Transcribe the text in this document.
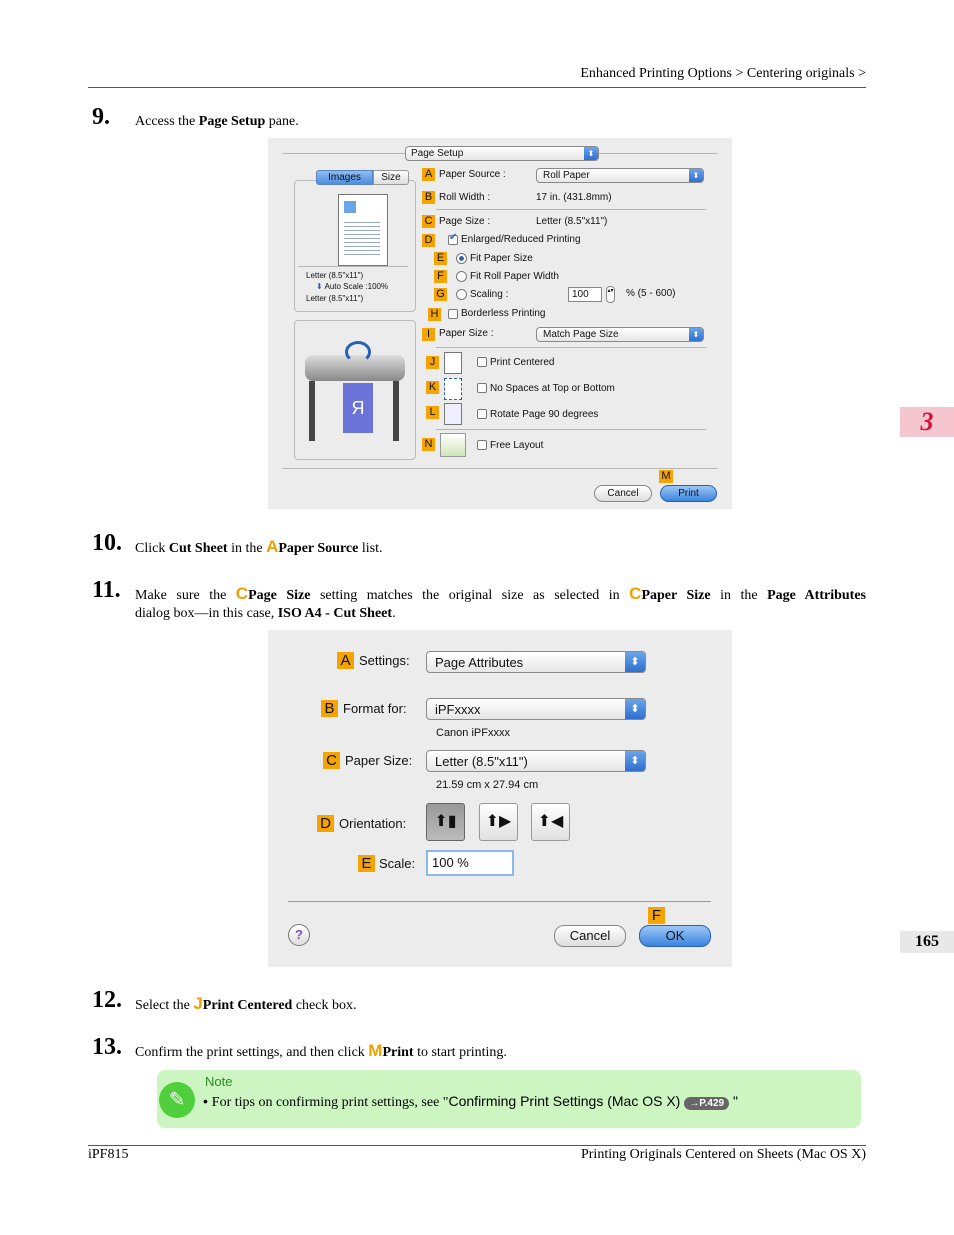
Enhanced Printing Options > Centering originals >
3
165
9. Access the Page Setup pane.
Page Setup	⬍
Images	Size
Letter (8.5"x11")
⬇ Auto Scale :100%
Letter (8.5"x11")
R
A Paper Source :	Roll Paper	⬍
B Roll Width :	17 in. (431.8mm)
C Page Size :	Letter (8.5"x11")
D ✔ Enlarged/Reduced Printing
E	Fit Paper Size
F	Fit Roll Paper Width
G	Scaling :	100	▴▾ % (5 - 600)
H Borderless Printing
I Paper Size :	Match Page Size	⬍
J	Print Centered
K	No Spaces at Top or Bottom
L	Rotate Page 90 degrees
N	Free Layout
M
Cancel	Print
10. Click Cut Sheet in the APaper Source list.
11. Make sure the CPage Size setting matches the original size as selected in CPaper Size in the Page Attributes
dialog box—in this case, ISO A4 - Cut Sheet.
A Settings: Page Attributes	⬍
B Format for: iPFxxxx	⬍
Canon iPFxxxx
C Paper Size: Letter (8.5"x11")	⬍
21.59 cm x 27.94 cm
D Orientation:	⬆▮	⬆▶	⬆◀
E Scale:	100 %
F
?	Cancel	OK
12. Select the JPrint Centered check box.
13. Confirm the print settings, and then click MPrint to start printing.
✎
Note
• For tips on confirming print settings, see "Confirming Print Settings (Mac OS X) →P.429 "
iPF815	Printing Originals Centered on Sheets (Mac OS X)
